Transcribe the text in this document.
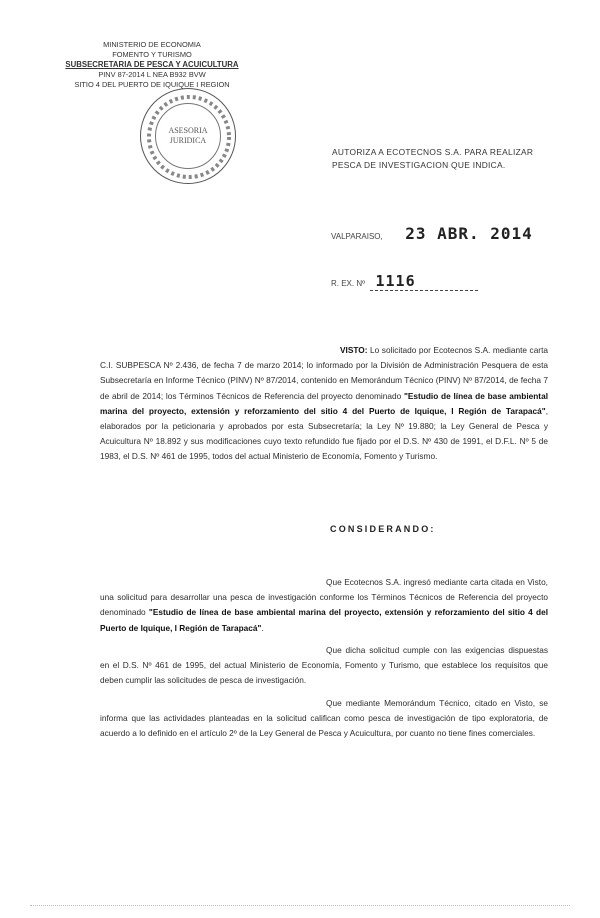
MINISTERIO DE ECONOMIA
FOMENTO Y TURISMO
SUBSECRETARIA DE PESCA Y ACUICULTURA
PINV 87-2014 L NEA B932 BVW
SITIO 4 DEL PUERTO DE IQUIQUE I REGION
ASESORIA
JURIDICA
AUTORIZA A ECOTECNOS S.A. PARA REALIZAR PESCA DE INVESTIGACION QUE INDICA.
VALPARAISO, 23 ABR. 2014
R. EX. Nº 1116
VISTO: Lo solicitado por Ecotecnos S.A. mediante carta C.I. SUBPESCA Nº 2.436, de fecha 7 de marzo 2014; lo informado por la División de Administración Pesquera de esta Subsecretaría en Informe Técnico (PINV) Nº 87/2014, contenido en Memorándum Técnico (PINV) Nº 87/2014, de fecha 7 de abril de 2014; los Términos Técnicos de Referencia del proyecto denominado "Estudio de línea de base ambiental marina del proyecto, extensión y reforzamiento del sitio 4 del Puerto de Iquique, I Región de Tarapacá", elaborados por la peticionaria y aprobados por esta Subsecretaría; la Ley Nº 19.880; la Ley General de Pesca y Acuicultura Nº 18.892 y sus modificaciones cuyo texto refundido fue fijado por el D.S. Nº 430 de 1991, el D.F.L. Nº 5 de 1983, el D.S. Nº 461 de 1995, todos del actual Ministerio de Economía, Fomento y Turismo.
CONSIDERANDO:
Que Ecotecnos S.A. ingresó mediante carta citada en Visto, una solicitud para desarrollar una pesca de investigación conforme los Términos Técnicos de Referencia del proyecto denominado "Estudio de línea de base ambiental marina del proyecto, extensión y reforzamiento del sitio 4 del Puerto de Iquique, I Región de Tarapacá".
Que dicha solicitud cumple con las exigencias dispuestas en el D.S. Nº 461 de 1995, del actual Ministerio de Economía, Fomento y Turismo, que establece los requisitos que deben cumplir las solicitudes de pesca de investigación.
Que mediante Memorándum Técnico, citado en Visto, se informa que las actividades planteadas en la solicitud califican como pesca de investigación de tipo exploratoria, de acuerdo a lo definido en el artículo 2º de la Ley General de Pesca y Acuicultura, por cuanto no tiene fines comerciales.
